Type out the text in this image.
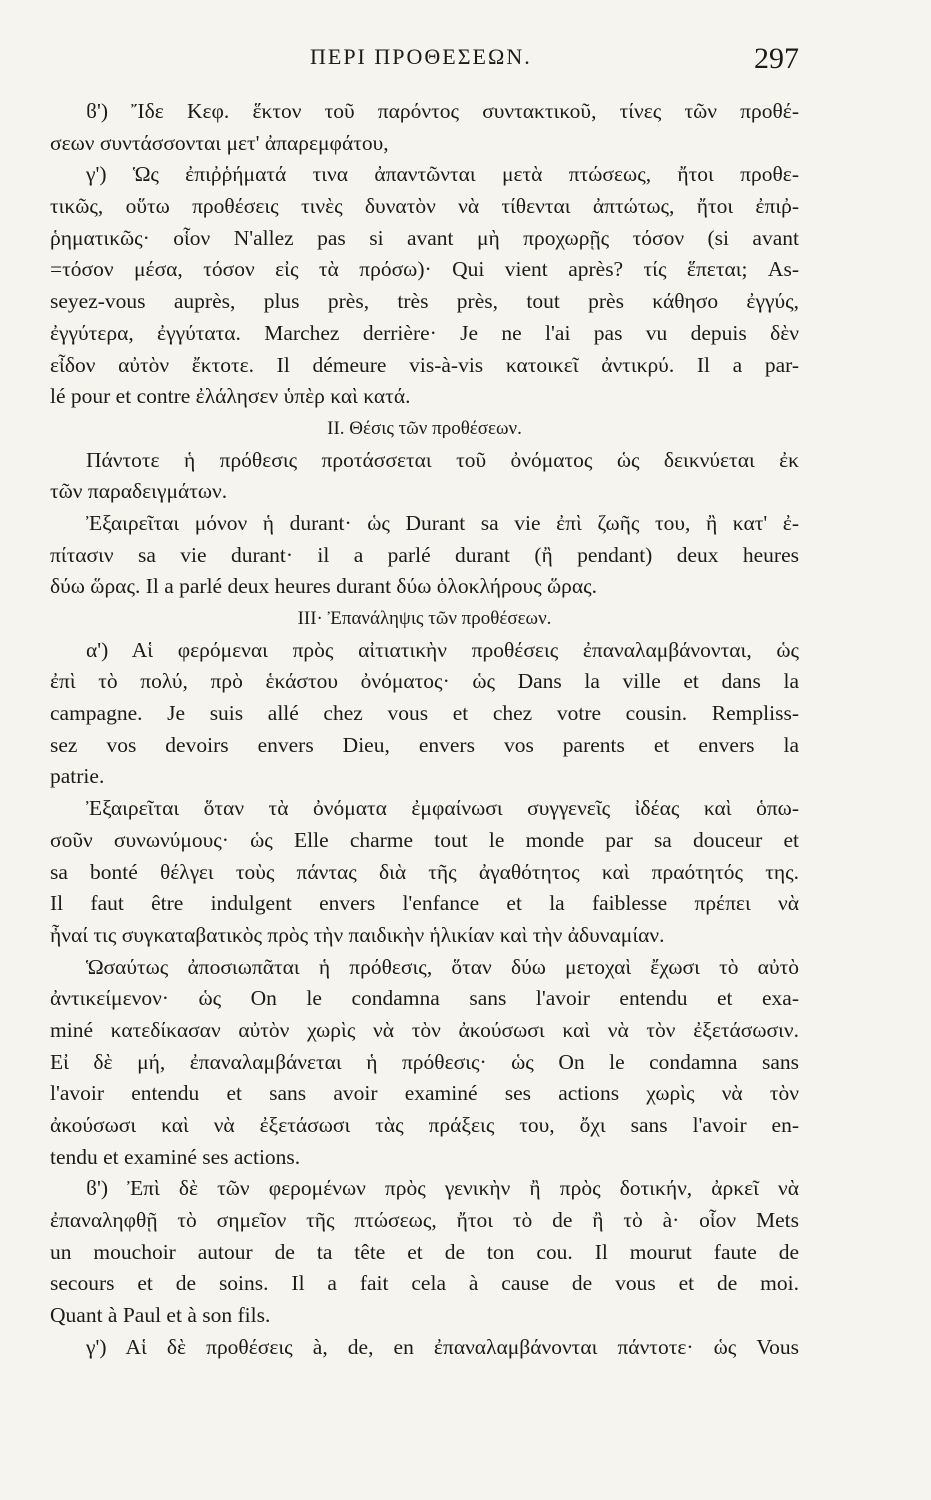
ΠΕΡΙ ΠΡΟΘΕΣΕΩΝ.	297
ϐ') Ἴδε Κεφ. ἕκτον τοῦ παρόντος συντακτικοῦ, τίνες τῶν προθέ-
σεων συντάσσονται μετ' ἀπαρεμφάτου,
γ') Ὡς ἐπιῤῥήματά τινα ἀπαντῶνται μετὰ πτώσεως, ἤτοι προθε-
τικῶς, οὕτω προθέσεις τινὲς δυνατὸν νὰ τίθενται ἀπτώτως, ἤτοι ἐπιῤ-
ῥηματικῶς· οἷον N'allez pas si avant μὴ προχωρῇς τόσον (si avant
=τόσον μέσα, τόσον εἰς τὰ πρόσω)· Qui vient après? τίς ἕπεται; As-
seyez-vous auprès, plus près, très près, tout près κάθησο ἐγγύς,
ἐγγύτερα, ἐγγύτατα. Marchez derrière· Je ne l'ai pas vu depuis δὲν
εἶδον αὐτὸν ἔκτοτε. Il démeure vis-à-vis κατοικεῖ ἀντικρύ. Il a par-
lé pour et contre ἐλάλησεν ὑπὲρ καὶ κατά.
II. Θέσις τῶν προθέσεων.
Πάντοτε ἡ πρόθεσις προτάσσεται τοῦ ὀνόματος ὡς δεικνύεται ἐκ
τῶν παραδειγμάτων.
Ἐξαιρεῖται μόνον ἡ durant· ὡς Durant sa vie ἐπὶ ζωῆς του, ἢ κατ' ἐ-
πίτασιν sa vie durant· il a parlé durant (ἢ pendant) deux heures
δύω ὥρας. Il a parlé deux heures durant δύω ὁλοκλήρους ὥρας.
III· Ἐπανάληψις τῶν προθέσεων.
α') Αἱ φερόμεναι πρὸς αἰτιατικὴν προθέσεις ἐπαναλαμβάνονται, ὡς
ἐπὶ τὸ πολύ, πρὸ ἑκάστου ὀνόματος· ὡς Dans la ville et dans la
campagne. Je suis allé chez vous et chez votre cousin. Rempliss-
sez vos devoirs envers Dieu, envers vos parents et envers la
patrie.
Ἐξαιρεῖται ὅταν τὰ ὀνόματα ἐμφαίνωσι συγγενεῖς ἰδέας καὶ ὁπω-
σοῦν συνωνύμους· ὡς Elle charme tout le monde par sa douceur et
sa bonté θέλγει τοὺς πάντας διὰ τῆς ἀγαθότητος καὶ πραότητός της.
Il faut être indulgent envers l'enfance et la faiblesse πρέπει νὰ
ἦναί τις συγκαταβατικὸς πρὸς τὴν παιδικὴν ἡλικίαν καὶ τὴν ἀδυναμίαν.
Ὡσαύτως ἀποσιωπᾶται ἡ πρόθεσις, ὅταν δύω μετοχαὶ ἔχωσι τὸ αὐτὸ
ἀντικείμενον· ὡς On le condamna sans l'avoir entendu et exa-
miné κατεδίκασαν αὐτὸν χωρὶς νὰ τὸν ἀκούσωσι καὶ νὰ τὸν ἐξετάσωσιν.
Εἰ δὲ μή, ἐπαναλαμβάνεται ἡ πρόθεσις· ὡς On le condamna sans
l'avoir entendu et sans avoir examiné ses actions χωρὶς νὰ τὸν
ἀκούσωσι καὶ νὰ ἐξετάσωσι τὰς πράξεις του, ὄχι sans l'avoir en-
tendu et examiné ses actions.
ϐ') Ἐπὶ δὲ τῶν φερομένων πρὸς γενικὴν ἢ πρὸς δοτικήν, ἀρκεῖ νὰ
ἐπαναληφθῇ τὸ σημεῖον τῆς πτώσεως, ἤτοι τὸ de ἢ τὸ à· οἷον Mets
un mouchoir autour de ta tête et de ton cou. Il mourut faute de
secours et de soins. Il a fait cela à cause de vous et de moi.
Quant à Paul et à son fils.
γ') Αἱ δὲ προθέσεις à, de, en ἐπαναλαμβάνονται πάντοτε· ὡς Vous
